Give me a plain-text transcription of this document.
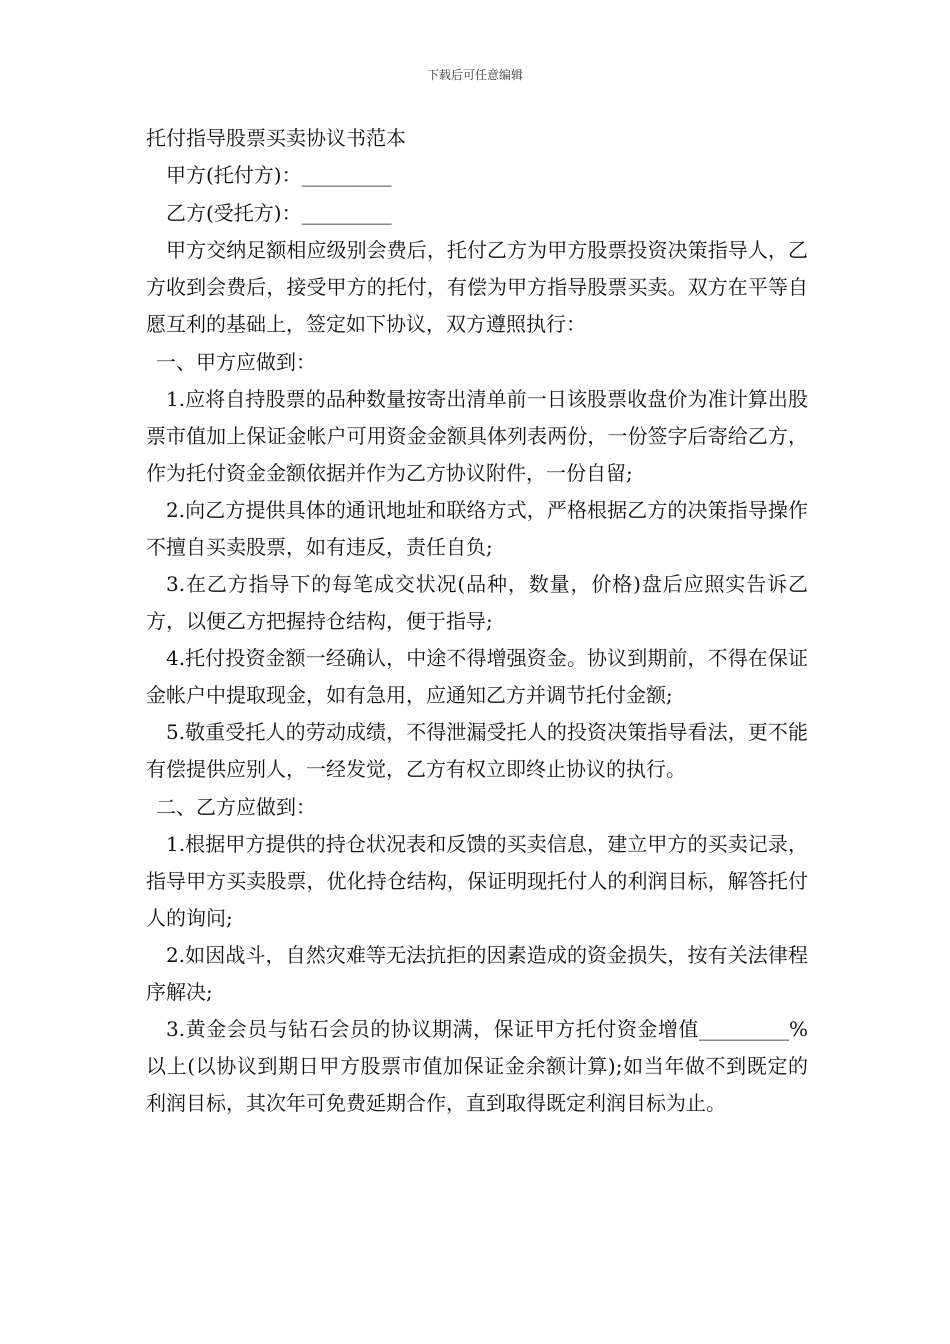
下载后可任意编辑

托付指导股票买卖协议书范本

甲方(托付方)：_________

乙方(受托方)：_________

甲方交纳足额相应级别会费后，托付乙方为甲方股票投资决策指导人，乙方收到会费后，接受甲方的托付，有偿为甲方指导股票买卖。双方在平等自愿互利的基础上，签定如下协议，双方遵照执行：

一、甲方应做到：

1.应将自持股票的品种数量按寄出清单前一日该股票收盘价为准计算出股票市值加上保证金帐户可用资金金额具体列表两份，一份签字后寄给乙方，作为托付资金金额依据并作为乙方协议附件，一份自留;

2.向乙方提供具体的通讯地址和联络方式，严格根据乙方的决策指导操作不擅自买卖股票，如有违反，责任自负;

3.在乙方指导下的每笔成交状况(品种，数量，价格)盘后应照实告诉乙方，以便乙方把握持仓结构，便于指导;

4.托付投资金额一经确认，中途不得增强资金。协议到期前，不得在保证金帐户中提取现金，如有急用，应通知乙方并调节托付金额;

5.敬重受托人的劳动成绩，不得泄漏受托人的投资决策指导看法，更不能有偿提供应别人，一经发觉，乙方有权立即终止协议的执行。

二、乙方应做到：

1.根据甲方提供的持仓状况表和反馈的买卖信息，建立甲方的买卖记录，指导甲方买卖股票，优化持仓结构，保证明现托付人的利润目标，解答托付人的询问;

2.如因战斗，自然灾难等无法抗拒的因素造成的资金损失，按有关法律程序解决;

3.黄金会员与钻石会员的协议期满，保证甲方托付资金增值_________%以上(以协议到期日甲方股票市值加保证金余额计算);如当年做不到既定的利润目标，其次年可免费延期合作，直到取得既定利润目标为止。
